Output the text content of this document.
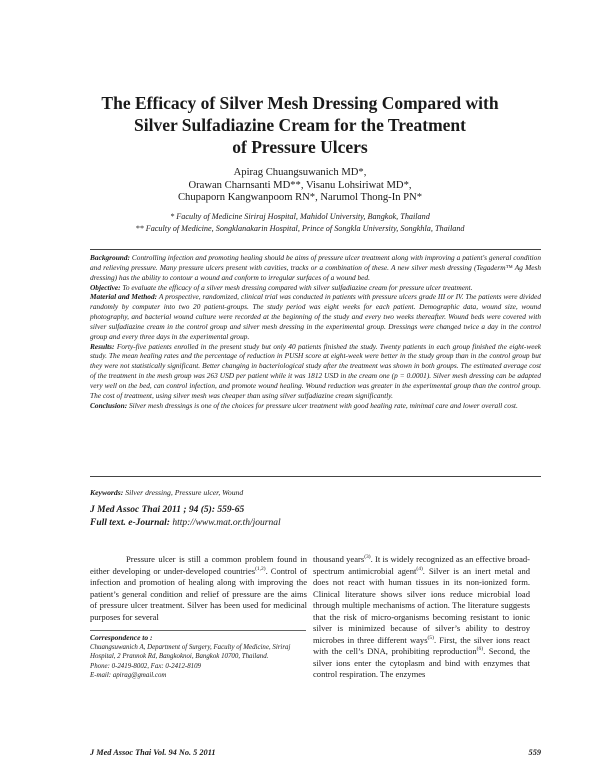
The Efficacy of Silver Mesh Dressing Compared with
Silver Sulfadiazine Cream for the Treatment
of Pressure Ulcers
Apirag Chuangsuwanich MD*,
Orawan Charnsanti MD**, Visanu Lohsiriwat MD*,
Chupaporn Kangwanpoom RN*, Narumol Thong-In PN*
* Faculty of Medicine Siriraj Hospital, Mahidol University, Bangkok, Thailand
** Faculty of Medicine, Songklanakarin Hospital, Prince of Songkla University, Songkhla, Thailand

Background: Controlling infection and promoting healing should be aims of pressure ulcer treatment along with improving a patient's general condition and relieving pressure. Many pressure ulcers present with cavities, tracks or a combination of these. A new silver mesh dressing (Tegaderm™ Ag Mesh dressing) has the ability to contour a wound and conform to irregular surfaces of a wound bed.

Objective: To evaluate the efficacy of a silver mesh dressing compared with silver sulfadiazine cream for pressure ulcer treatment.

Material and Method: A prospective, randomized, clinical trial was conducted in patients with pressure ulcers grade III or IV. The patients were divided randomly by computer into two 20 patient-groups. The study period was eight weeks for each patient. Demographic data, wound size, wound photography, and bacterial wound culture were recorded at the beginning of the study and every two weeks thereafter. Wound beds were covered with silver sulfadiazine cream in the control group and silver mesh dressing in the experimental group. Dressings were changed twice a day in the control group and every three days in the experimental group.

Results: Forty-five patients enrolled in the present study but only 40 patients finished the study. Twenty patients in each group finished the eight-week study. The mean healing rates and the percentage of reduction in PUSH score at eight-week were better in the study group than in the control group but they were not statistically significant. Better changing in bacteriological study after the treatment was shown in both groups. The estimated average cost of the treatment in the mesh group was 263 USD per patient while it was 1812 USD in the cream one (p = 0.0001). Silver mesh dressing can be adapted very well on the bed, can control infection, and promote wound healing. Wound reduction was greater in the experimental group than the control group. The cost of treatment, using silver mesh was cheaper than using silver sulfadiazine cream significantly.

Conclusion: Silver mesh dressings is one of the choices for pressure ulcer treatment with good healing rate, minimal care and lower overall cost.

Keywords: Silver dressing, Pressure ulcer, Wound
J Med Assoc Thai 2011 ; 94 (5): 559-65
Full text. e-Journal: http://www.mat.or.th/journal

Pressure ulcer is still a common problem found in either developing or under-developed countries$^{(1,2)}$. Control of infection and promotion of healing along with improving the patient’s general condition and relief of pressure are the aims of pressure ulcer treatment. Silver has been used for medicinal purposes for several

thousand years$^{(3)}$. It is widely recognized as an effective broad-spectrum antimicrobial agent$^{(4)}$. Silver is an inert metal and does not react with human tissues in its non-ionized form. Clinical literature shows silver ions reduce microbial load through multiple mechanisms of action. The literature suggests that the risk of micro-organisms becoming resistant to ionic silver is minimized because of silver’s ability to destroy microbes in three different ways$^{(5)}$. First, the silver ions react with the cell’s DNA, prohibiting reproduction$^{(6)}$. Second, the silver ions enter the cytoplasm and bind with enzymes that control respiration. The enzymes

Correspondence to :
Chuangsuwanich A, Department of Surgery, Faculty of Medicine, Siriraj Hospital, 2 Prannok Rd, Bangkoknoi, Bangkok 10700, Thailand.
Phone: 0-2419-8002, Fax: 0-2412-8109
E-mail: apirag@gmail.com
J Med Assoc Thai Vol. 94 No. 5 2011	559
